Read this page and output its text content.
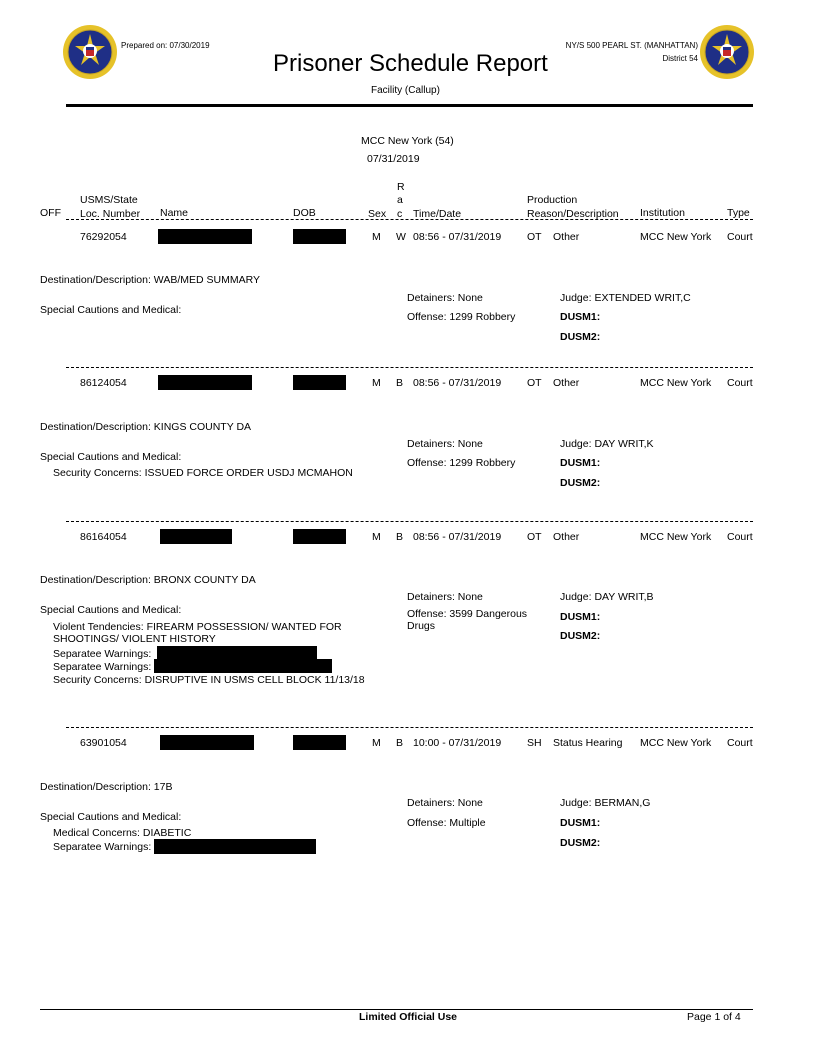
Prepared on: 07/30/2019
Prisoner Schedule Report
Facility (Callup)
NY/S 500 PEARL ST. (MANHATTAN)
District 54
MCC New York (54)
07/31/2019
OFF
USMS/State
Loc. Number Name	DOB	Sex
R
a
c Time/Date
Production
Reason/Description Institution	Type
76292054	M W 08:56 - 07/31/2019 OT Other	MCC New York Court
Destination/Description: WAB/MED SUMMARY
Detainers: None	Judge: EXTENDED WRIT,C
Special Cautions and Medical:
Offense: 1299 Robbery	DUSM1:
DUSM2:
86124054	M B 08:56 - 07/31/2019 OT Other	MCC New York Court
Destination/Description: KINGS COUNTY DA
Detainers: None	Judge: DAY WRIT,K
Special Cautions and Medical:
Security Concerns: ISSUED FORCE ORDER USDJ MCMAHON
Offense: 1299 Robbery	DUSM1:
DUSM2:
86164054	M B 08:56 - 07/31/2019 OT Other	MCC New York Court
Destination/Description: BRONX COUNTY DA
Detainers: None	Judge: DAY WRIT,B
Special Cautions and Medical:	Offense: 3599 Dangerous Drugs
DUSM1:
DUSM2:
Violent Tendencies: FIREARM POSSESSION/ WANTED FOR SHOOTINGS/ VIOLENT HISTORY
Separatee Warnings:
Separatee Warnings:
Security Concerns: DISRUPTIVE IN USMS CELL BLOCK 11/13/18
63901054	M B 10:00 - 07/31/2019 SH Status Hearing MCC New York Court
Destination/Description: 17B
Detainers: None	Judge: BERMAN,G
Special Cautions and Medical:	Offense: Multiple	DUSM1:
Medical Concerns: DIABETIC
Separatee Warnings:	DUSM2:
Limited Official Use	Page 1 of 4
